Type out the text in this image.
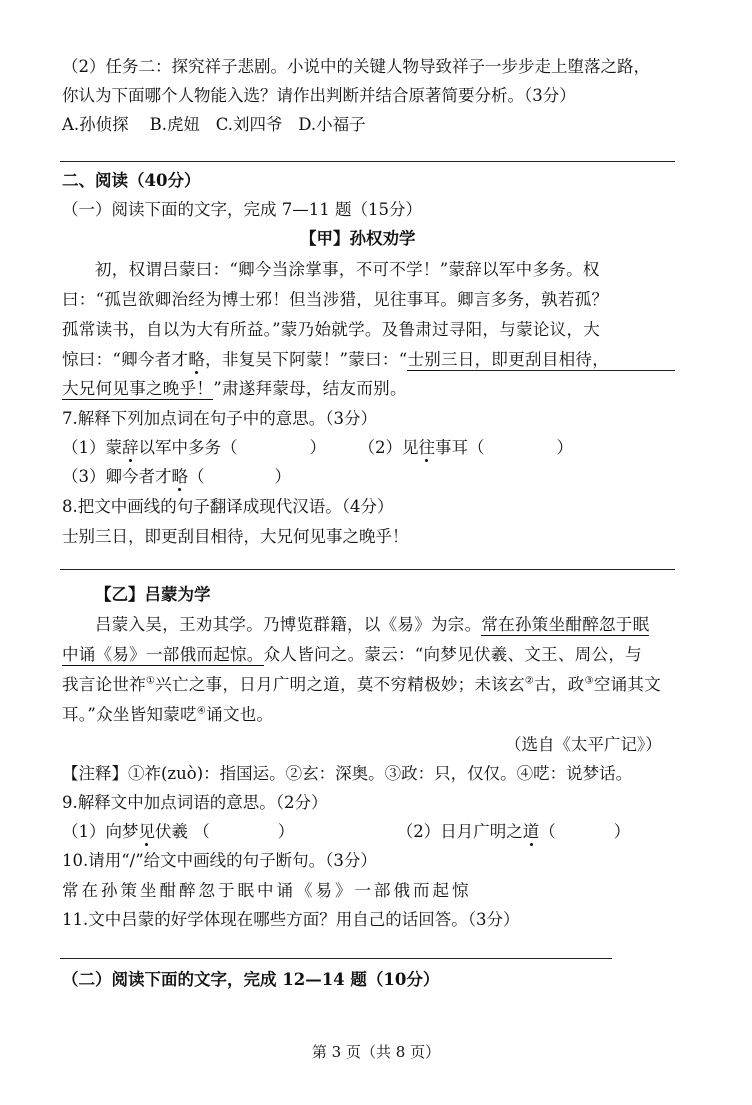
（2）任务二：探究祥子悲剧。小说中的关键人物导致祥子一步步走上堕落之路，
你认为下面哪个人物能入选？请作出判断并结合原著简要分析。（3分）
A.孙侦探    B.虎妞   C.刘四爷   D.小福子
二、阅读（40分）
（一）阅读下面的文字，完成 7—11 题（15分）
【甲】孙权劝学
初，权谓吕蒙曰：“卿今当涂掌事，不可不学！”蒙辞以军中多务。权
曰：“孤岂欲卿治经为博士邪！但当涉猎，见往事耳。卿言多务，孰若孤？
孤常读书，自以为大有所益。”蒙乃始就学。及鲁肃过寻阳，与蒙论议，大
惊曰：“卿今者才略，非复吴下阿蒙！”蒙曰：“士别三日，即更刮目相待，
大兄何见事之晚乎！”肃遂拜蒙母，结友而别。
7.解释下列加点词在句子中的意思。（3分）
（1）蒙辞以军中多务（	） （2）见往事耳（	）
（3）卿今者才略（	）
8.把文中画线的句子翻译成现代汉语。（4分）
士别三日，即更刮目相待，大兄何见事之晚乎！
【乙】吕蒙为学
吕蒙入吴，王劝其学。乃博览群籍，以《易》为宗。常在孙策坐酣醉忽于眠
中诵《易》一部俄而起惊。众人皆问之。蒙云：“向梦见伏羲、文王、周公，与
我言论世祚①兴亡之事，日月广明之道，莫不穷精极妙；未该玄②古，政③空诵其文
耳。”众坐皆知蒙呓④诵文也。
（选自《太平广记》）
【注释】①祚(zuò)：指国运。②玄：深奥。③政：只，仅仅。④呓：说梦话。
9.解释文中加点词语的意思。（2分）
（1）向梦见伏羲 （	）	（2）日月广明之道（	）
10.请用“/”给文中画线的句子断句。（3分）
常在孙策坐酣醉忽于眠中诵《易》一部俄而起惊
11.文中吕蒙的好学体现在哪些方面？用自己的话回答。（3分）
（二）阅读下面的文字，完成 12—14 题（10分）
第 3 页（共 8 页）
